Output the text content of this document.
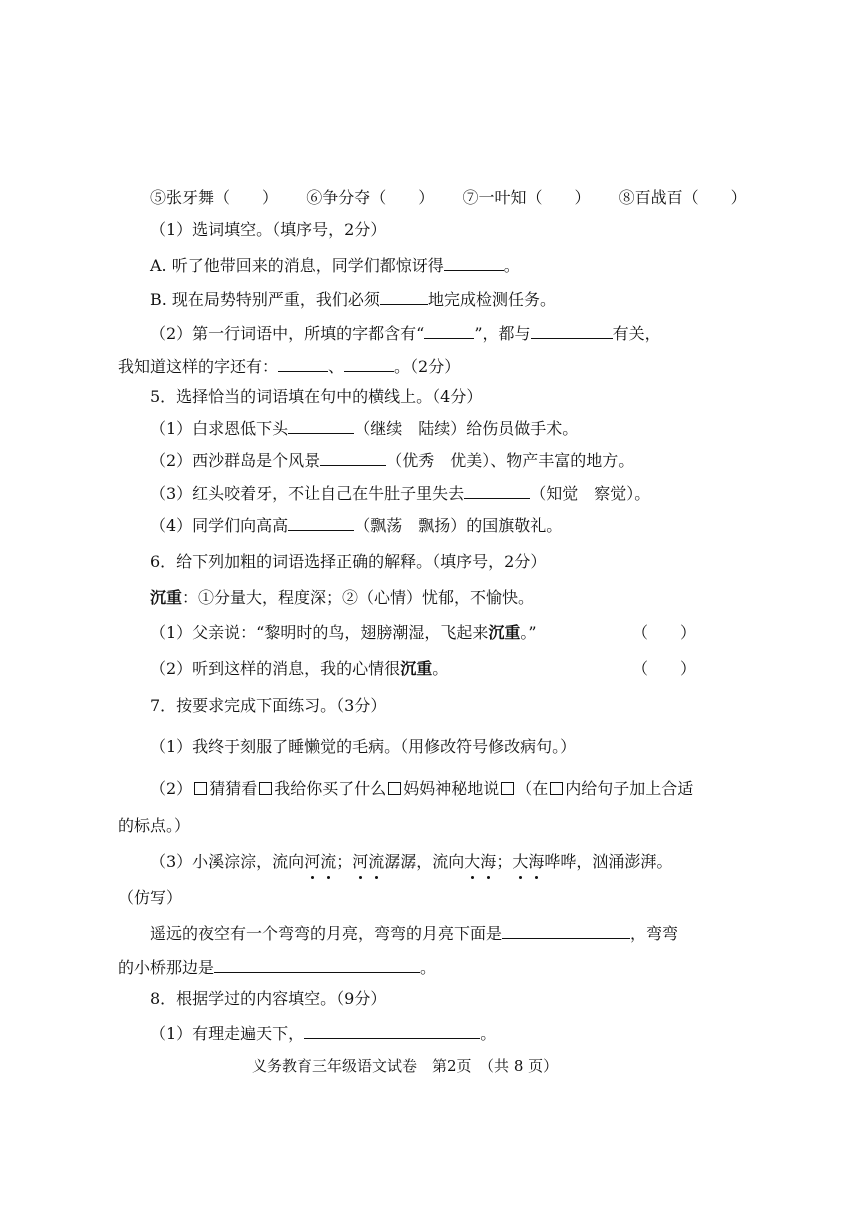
⑤张牙舞（　　） ⑥争分夺（　　） ⑦一叶知（　　） ⑧百战百（　　）
（1）选词填空。（填序号，2分）
A. 听了他带回来的消息，同学们都惊讶得	。
B. 现在局势特别严重，我们必须	地完成检测任务。
（2）第一行词语中，所填的字都含有“	”，都与	有关，
我知道这样的字还有：	、	。（2分）
5．选择恰当的词语填在句中的横线上。（4分）
（1）白求恩低下头	（继续　陆续）给伤员做手术。
（2）西沙群岛是个风景	（优秀　优美）、物产丰富的地方。
（3）红头咬着牙，不让自己在牛肚子里失去	（知觉　察觉）。
（4）同学们向高高	（飘荡　飘扬）的国旗敬礼。
6．给下列加粗的词语选择正确的解释。（填序号，2分）
沉重：①分量大，程度深；②（心情）忧郁，不愉快。
（1）父亲说：“黎明时的鸟，翅膀潮湿，飞起来沉重。”	（　　）
（2）听到这样的消息，我的心情很沉重。	（　　）
7．按要求完成下面练习。（3分）
（1）我终于刻服了睡懒觉的毛病。（用修改符号修改病句。）
（2） 猜猜看 我给你买了什么 妈妈神秘地说 （在 内给句子加上合适
的标点。）
（3）小溪淙淙，流向河流；河流潺潺，流向大海；大海哗哗，汹涌澎湃。
（仿写）
遥远的夜空有一个弯弯的月亮，弯弯的月亮下面是	，弯弯
的小桥那边是	。
8．根据学过的内容填空。（9分）
（1）有理走遍天下，	。
义务教育三年级语文试卷　第2页　（共 8 页）
